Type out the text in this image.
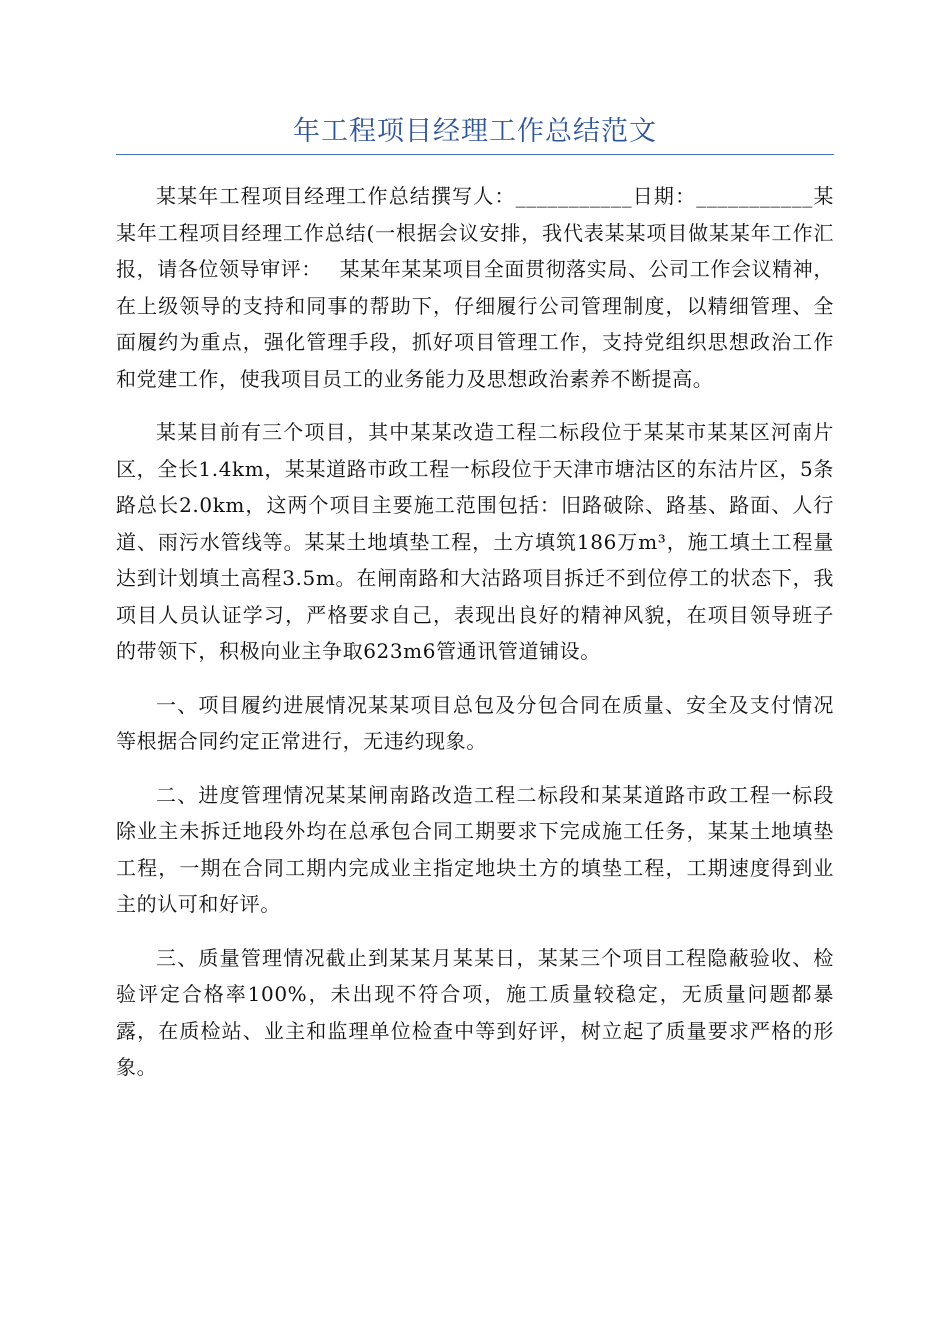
年工程项目经理工作总结范文

某某年工程项目经理工作总结撰写人：___________日期：___________某某年工程项目经理工作总结(一根据会议安排，我代表某某项目做某某年工作汇报，请各位领导审评：　 某某年某某项目全面贯彻落实局、公司工作会议精神，在上级领导的支持和同事的帮助下，仔细履行公司管理制度，以精细管理、全面履约为重点，强化管理手段，抓好项目管理工作，支持党组织思想政治工作和党建工作，使我项目员工的业务能力及思想政治素养不断提高。

某某目前有三个项目，其中某某改造工程二标段位于某某市某某区河南片区，全长1.4km，某某道路市政工程一标段位于天津市塘沽区的东沽片区，5条路总长2.0km，这两个项目主要施工范围包括：旧路破除、路基、路面、人行道、雨污水管线等。某某土地填垫工程，土方填筑186万m³，施工填土工程量达到计划填土高程3.5m。在闸南路和大沽路项目拆迁不到位停工的状态下，我项目人员认证学习，严格要求自己，表现出良好的精神风貌，在项目领导班子的带领下，积极向业主争取623m6管通讯管道铺设。

一、项目履约进展情况某某项目总包及分包合同在质量、安全及支付情况等根据合同约定正常进行，无违约现象。

二、进度管理情况某某闸南路改造工程二标段和某某道路市政工程一标段除业主未拆迁地段外均在总承包合同工期要求下完成施工任务，某某土地填垫工程，一期在合同工期内完成业主指定地块土方的填垫工程，工期速度得到业主的认可和好评。

三、质量管理情况截止到某某月某某日，某某三个项目工程隐蔽验收、检验评定合格率100%，未出现不符合项，施工质量较稳定，无质量问题都暴露，在质检站、业主和监理单位检查中等到好评，树立起了质量要求严格的形象。
